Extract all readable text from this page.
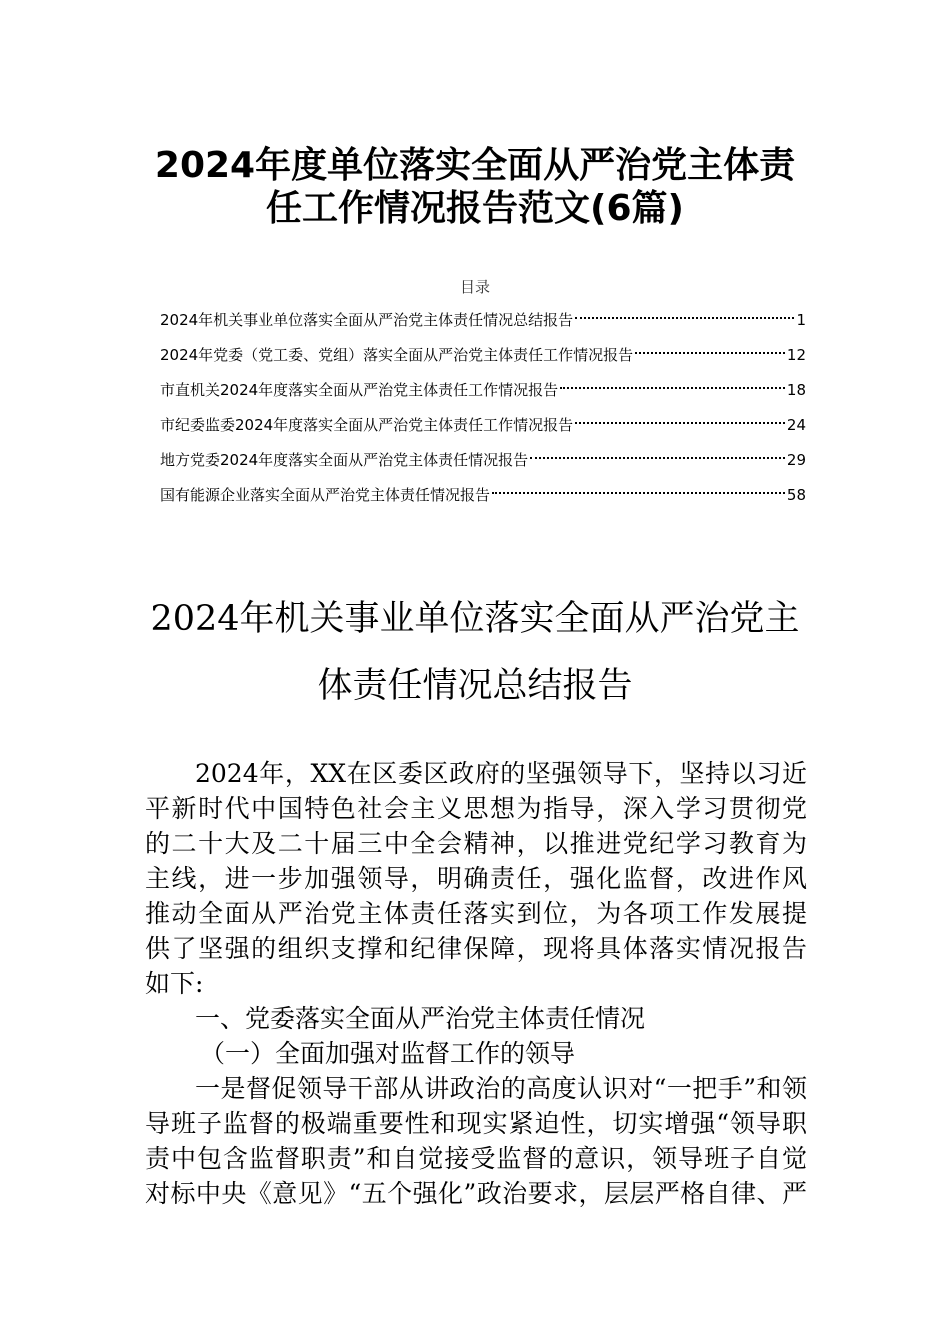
2024年度单位落实全面从严治党主体责
任工作情况报告范文(6篇)
目录
2024年机关事业单位落实全面从严治党主体责任情况总结报告	1
2024年党委（党工委、党组）落实全面从严治党主体责任工作情况报告	12
市直机关2024年度落实全面从严治党主体责任工作情况报告	18
市纪委监委2024年度落实全面从严治党主体责任工作情况报告	24
地方党委2024年度落实全面从严治党主体责任情况报告	29
国有能源企业落实全面从严治党主体责任情况报告	58
2024年机关事业单位落实全面从严治党主
体责任情况总结报告
2024年，XX在区委区政府的坚强领导下，坚持以习近
平新时代中国特色社会主义思想为指导，深入学习贯彻党
的二十大及二十届三中全会精神，以推进党纪学习教育为
主线，进一步加强领导，明确责任，强化监督，改进作风
推动全面从严治党主体责任落实到位，为各项工作发展提
供了坚强的组织支撑和纪律保障，现将具体落实情况报告
如下:
一、党委落实全面从严治党主体责任情况
（一）全面加强对监督工作的领导
一是督促领导干部从讲政治的高度认识对“一把手”和领
导班子监督的极端重要性和现实紧迫性，切实增强“领导职
责中包含监督职责”和自觉接受监督的意识，领导班子自觉
对标中央《意见》“五个强化”政治要求，层层严格自律、严
